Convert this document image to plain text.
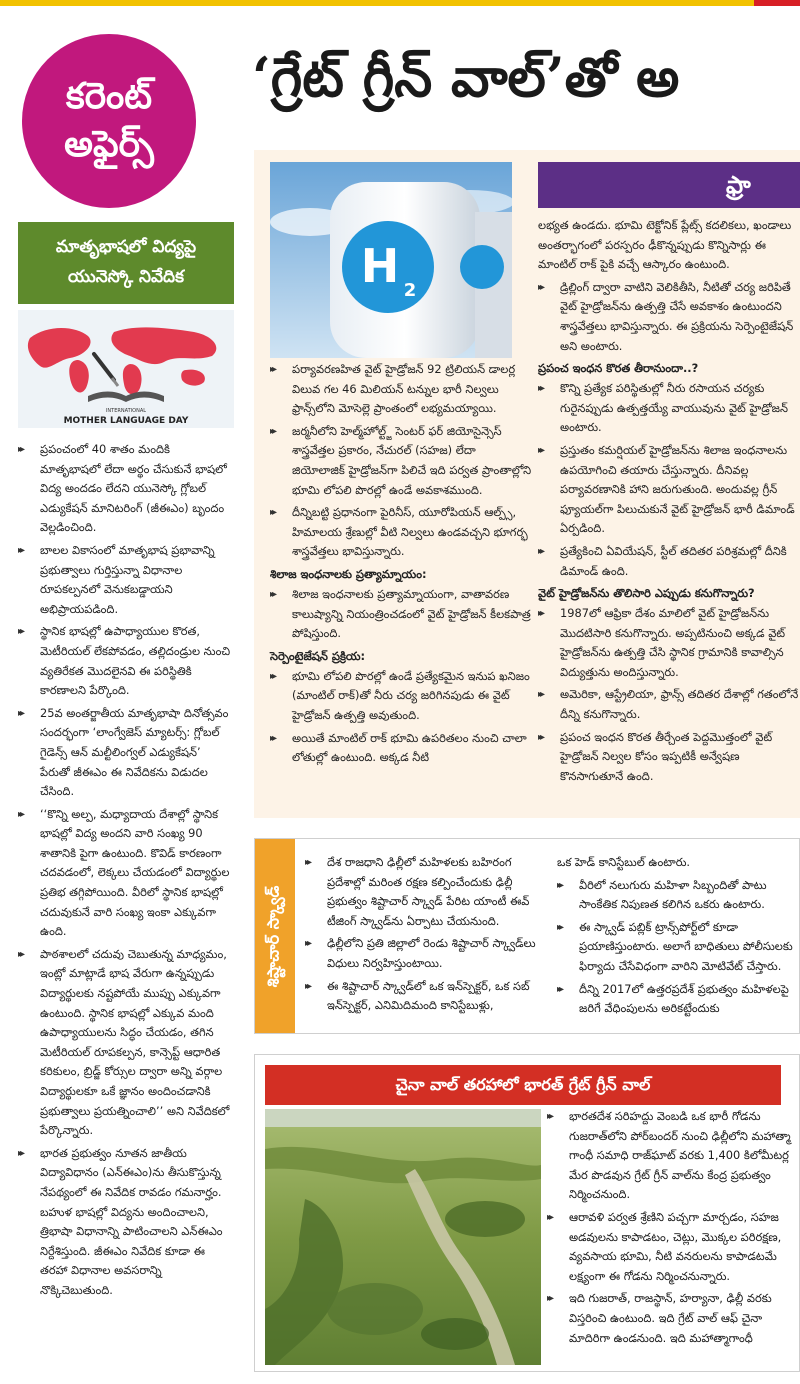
కరెంట్
అఫైర్స్
‘గ్రేట్ గ్రీన్ వాల్’తో అ
మాతృభాషలో విద్యపై
యునెస్కో నివేదిక
INTERNATIONAL
MOTHER LANGUAGE DAY
▸▸ ప్రపంచంలో 40 శాతం మందికి మాతృభాషలో లేదా అర్థం చేసుకునే భాషలో విద్య అందడం లేదని యునెస్కో గ్లోబల్ ఎడ్యుకేషన్ మానిటరింగ్ (జీఈఎం) బృందం వెల్లడించింది.
▸▸ బాలల వికాసంలో మాతృభాష ప్రభావాన్ని ప్రభుత్వాలు గుర్తిస్తున్నా విధానాల రూపకల్పనలో వెనుకబడ్డాయని అభిప్రాయపడింది.
▸▸ స్థానిక భాషల్లో ఉపాధ్యాయుల కొరత, మెటీరియల్ లేకపోవడం, తల్లిదండ్రుల నుంచి వ్యతిరేకత మొదలైనవి ఈ పరిస్థితికి కారణాలని పేర్కొంది.
▸▸ 25వ అంతర్జాతీయ మాతృభాషా దినోత్సవం సందర్భంగా ‘లాంగ్వేజెస్ మ్యాటర్స్: గ్లోబల్ గైడెన్స్ ఆన్ మల్టీలింగ్వల్ ఎడ్యుకేషన్’ పేరుతో జీఈఎం ఈ నివేదికను విడుదల చేసింది.
▸▸ ‘‘కొన్ని అల్ప, మధ్యాదాయ దేశాల్లో స్థానిక భాషల్లో విద్య అందని వారి సంఖ్య 90 శాతానికి పైగా ఉంటుంది. కొవిడ్ కారణంగా చదవడంలో, లెక్కలు చేయడంలో విద్యార్థుల ప్రతిభ తగ్గిపోయింది. వీరిలో స్థానిక భాషల్లో చదువుకునే వారి సంఖ్య ఇంకా ఎక్కువగా ఉంది.
▸▸ పాఠశాలలో చదువు చెబుతున్న మాధ్యమం, ఇంట్లో మాట్లాడే భాష వేరుగా ఉన్నప్పుడు విద్యార్థులకు నష్టపోయే ముప్పు ఎక్కువగా ఉంటుంది. స్థానిక భాషల్లో ఎక్కువ మంది ఉపాధ్యాయులను సిద్ధం చేయడం, తగిన మెటీరియల్ రూపకల్పన, కాన్సెప్ట్ ఆధారిత కరికులం, బ్రిడ్జ్ కోర్సుల ద్వారా అన్ని వర్గాల విద్యార్థులకూ ఒకే జ్ఞానం అందించడానికి ప్రభుత్వాలు ప్రయత్నించాలి’’ అని నివేదికలో పేర్కొన్నారు.
▸▸ భారత ప్రభుత్వం నూతన జాతీయ విద్యావిధానం (ఎన్ఈఎం)ను తీసుకొస్తున్న నేపథ్యంలో ఈ నివేదిక రావడం గమనార్హం. బహుళ భాషల్లో విద్యను అందించాలని, త్రిభాషా విధానాన్ని పాటించాలని ఎన్ఈఎం నిర్దేశిస్తుంది. జీఈఎం నివేదిక కూడా ఈ తరహా విధానాల అవసరాన్ని నొక్కిచెబుతుంది.
H 2
ఫ్రా
▸▸ పర్యావరణహిత వైట్ హైడ్రోజన్ 92 ట్రిలియన్ డాలర్ల విలువ గల 46 మిలియన్ టన్నుల భారీ నిల్వలు ఫ్రాన్స్‌లోని మోసెల్లె ప్రాంతంలో లభ్యమయ్యాయి.
▸▸ జర్మనీలోని హెల్మ్‌హోల్ట్జ్ సెంటర్ ఫర్ జియోసైన్సెస్ శాస్త్రవేత్తల ప్రకారం, నేచురల్ (సహజ) లేదా జియోలాజిక్ హైడ్రోజన్‌గా పిలిచే ఇది పర్వత ప్రాంతాల్లోని భూమి లోపలి పొరల్లో ఉండే అవకాశముంది.
▸▸ దీన్నిబట్టి ప్రధానంగా పైరినీస్, యూరోపియన్ ఆల్ప్స్, హిమాలయ శ్రేణుల్లో వీటి నిల్వలు ఉండవచ్చని భూగర్భ శాస్త్రవేత్తలు భావిస్తున్నారు.
శిలాజ ఇంధనాలకు ప్రత్యామ్నాయం:
▸▸ శిలాజ ఇంధనాలకు ప్రత్యామ్నాయంగా, వాతావరణ కాలుష్యాన్ని నియంత్రించడంలో వైట్ హైడ్రోజన్ కీలకపాత్ర పోషిస్తుంది.
సెర్పెంటైజేషన్ ప్రక్రియ:
▸▸ భూమి లోపలి పొరల్లో ఉండే ప్రత్యేకమైన ఇనుప ఖనిజం (మాంటిల్ రాక్)తో నీరు చర్య జరిగినపుడు ఈ వైట్ హైడ్రోజన్ ఉత్పత్తి అవుతుంది.
▸▸ అయితే మాంటిల్ రాక్ భూమి ఉపరితలం నుంచి చాలా లోతుల్లో ఉంటుంది. అక్కడ నీటి
లభ్యత ఉండదు. భూమి టెక్టోనిక్ ప్లేట్స్ కదలికలు, ఖండాలు అంతర్భాగంలో పరస్పరం ఢీకొన్నప్పుడు కొన్నిసార్లు ఈ మాంటిల్ రాక్ పైకి వచ్చే ఆస్కారం ఉంటుంది.
▸▸ డ్రిల్లింగ్ ద్వారా వాటిని వెలికితీసి, నీటితో చర్య జరిపితే వైట్ హైడ్రోజన్‌ను ఉత్పత్తి చేసే అవకాశం ఉంటుందని శాస్త్రవేత్తలు భావిస్తున్నారు. ఈ ప్రక్రియను సెర్పెంటైజేషన్ అని అంటారు.
ప్రపంచ ఇంధన కొరత తీరానుందా..?
▸▸ కొన్ని ప్రత్యేక పరిస్థితుల్లో నీరు రసాయన చర్యకు గురైనప్పుడు ఉత్పత్తయ్యే వాయువును వైట్ హైడ్రోజన్ అంటారు.
▸▸ ప్రస్తుతం కమర్షియల్ హైడ్రోజన్‌ను శిలాజ ఇంధనాలను ఉపయోగించి తయారు చేస్తున్నారు. దీనివల్ల పర్యావరణానికి హాని జరుగుతుంది. అందువల్ల గ్రీన్ ఫ్యూయల్‌గా పిలుచుకునే వైట్ హైడ్రోజన్ భారీ డిమాండ్ ఏర్పడింది.
▸▸ ప్రత్యేకించి ఏవియేషన్, స్టీల్ తదితర పరిశ్రమల్లో దీనికి డిమాండ్ ఉంది.
వైట్ హైడ్రోజన్‌ను తొలిసారి ఎప్పుడు కనుగొన్నారు?
▸▸ 1987లో ఆఫ్రికా దేశం మాలిలో వైట్ హైడ్రోజన్‌ను మొదటిసారి కనుగొన్నారు. అప్పటినుంచి అక్కడ వైట్ హైడ్రోజన్‌ను ఉత్పత్తి చేసి స్థానిక గ్రామానికి కావాల్సిన విద్యుత్తును అందిస్తున్నారు.
▸▸ అమెరికా, ఆస్ట్రేలియా, ఫ్రాన్స్ తదితర దేశాల్లో గతంలోనే దీన్ని కనుగొన్నారు.
▸▸ ప్రపంచ ఇంధన కొరత తీర్చేంత పెద్దమొత్తంలో వైట్ హైడ్రోజన్ నిల్వల కోసం ఇప్పటికీ అన్వేషణ కొనసాగుతూనే ఉంది.
శిష్టాచార్ స్క్వాడ్
▸▸ దేశ రాజధాని ఢిల్లీలో మహిళలకు బహిరంగ ప్రదేశాల్లో మరింత రక్షణ కల్పించేందుకు ఢిల్లీ ప్రభుత్వం శిష్టాచార్ స్క్వాడ్ పేరిట యాంటీ ఈవ్ టీజింగ్ స్క్వాడ్‌ను ఏర్పాటు చేయనుంది.
▸▸ ఢిల్లీలోని ప్రతి జిల్లాలో రెండు శిష్టాచార్ స్క్వాడ్‌లు విధులు నిర్వహిస్తుంటాయి.
▸▸ ఈ శిష్టాచార్ స్క్వాడ్‌లో ఒక ఇన్‌స్పెక్టర్, ఒక సబ్ ఇన్‌స్పెక్టర్, ఎనిమిదిమంది కానిస్టేబుళ్లు,
ఒక హెడ్ కానిస్టేబుల్ ఉంటారు.
▸▸ వీరిలో నలుగురు మహిళా సిబ్బందితో పాటు సాంకేతిక నిపుణత కలిగిన ఒకరు ఉంటారు.
▸▸ ఈ స్క్వాడ్ పబ్లిక్ ట్రాన్స్‌పోర్ట్‌లో కూడా ప్రయాణిస్తుంటారు. అలాగే బాధితులు పోలీసులకు ఫిర్యాదు చేసేవిధంగా వారిని మోటివేట్ చేస్తారు.
▸▸ దీన్ని 2017లో ఉత్తరప్రదేశ్ ప్రభుత్వం మహిళలపై జరిగే వేధింపులను అరికట్టేందుకు
చైనా వాల్ తరహాలో భారత్ గ్రేట్ గ్రీన్ వాల్
▸▸ భారతదేశ సరిహద్దు వెంబడి ఒక భారీ గోడను గుజరాత్‌లోని పోర్‌బందర్ నుంచి ఢిల్లీలోని మహాత్మా గాంధీ సమాధి రాజ్‌ఘాట్ వరకు 1,400 కిలోమీటర్ల మేర పొడవున గ్రేట్ గ్రీన్ వాల్‌ను కేంద్ర ప్రభుత్వం నిర్మించనుంది.
▸▸ ఆరావళి పర్వత శ్రేణిని పచ్చగా మార్చడం, సహజ అడవులను కాపాడటం, చెట్లు, మొక్కల పరిరక్షణ, వ్యవసాయ భూమి, నీటి వనరులను కాపాడటమే లక్ష్యంగా ఈ గోడను నిర్మించనున్నారు.
▸▸ ఇది గుజరాత్, రాజస్థాన్, హర్యానా, ఢిల్లీ వరకు విస్తరించి ఉంటుంది. ఇది గ్రేట్ వాల్ ఆఫ్ చైనా మాదిరిగా ఉండనుంది. ఇది మహాత్మాగాంధీ
